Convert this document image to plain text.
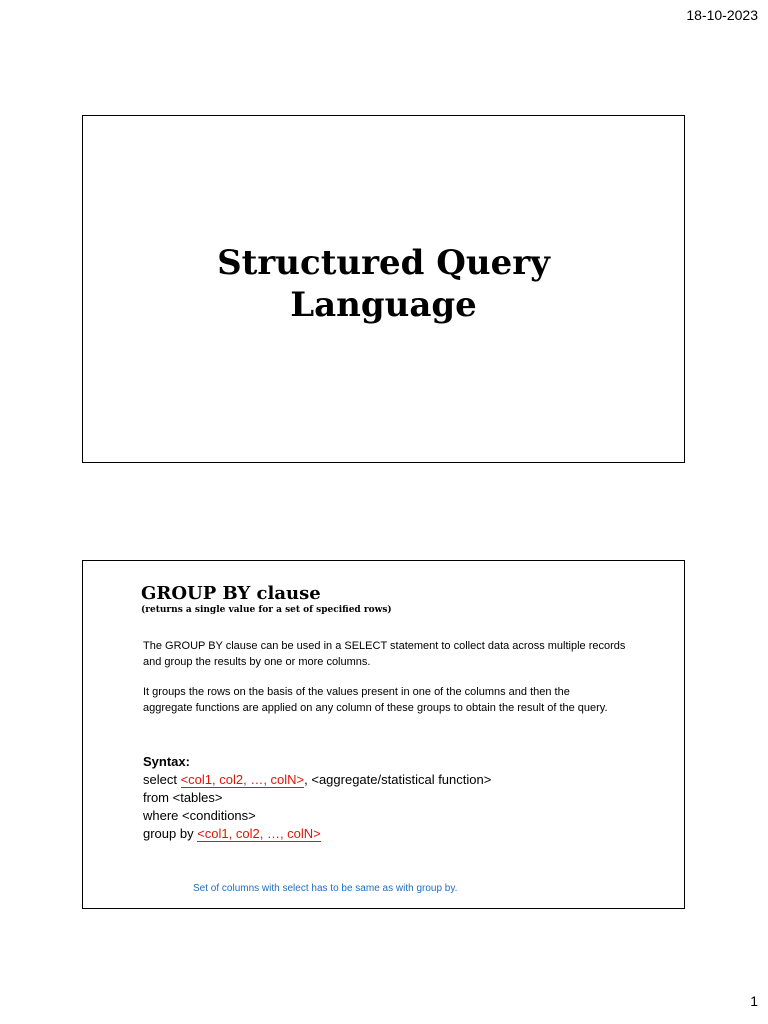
18-10-2023
Structured Query
Language
GROUP BY clause
(returns a single value for a set of specified rows)

The GROUP BY clause can be used in a SELECT statement to collect data across multiple records
and group the results by one or more columns.

It groups the rows on the basis of the values present in one of the columns and then the
aggregate functions are applied on any column of these groups to obtain the result of the query.

Syntax:
select <col1, col2, …, colN>, <aggregate/statistical function>
from <tables>
where <conditions>
group by <col1, col2, …, colN>
Set of columns with select has to be same as with group by.
1
